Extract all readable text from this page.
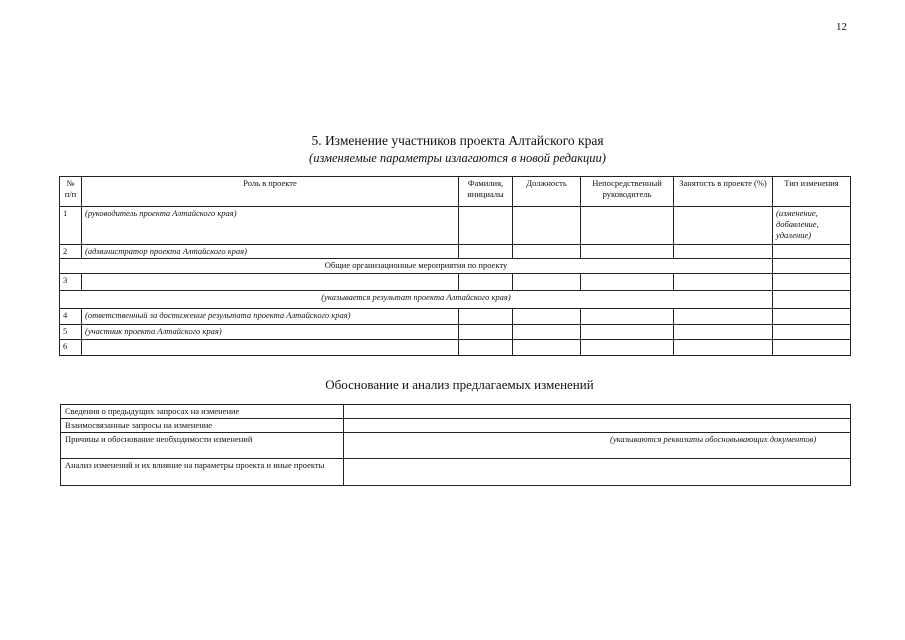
12
5. Изменение участников проекта Алтайского края
(изменяемые параметры излагаются в новой редакции)
№ п/п	Роль в проекте	Фамилия, инициалы	Должность	Непосредственный руководитель	Занятость в проекте (%)	Тип изменения
1	(руководитель проекта Алтайского края)					(изменение, добавление, удаление)
2	(администратор проекта Алтайского края)					
Общие организационные мероприятия по проекту						
3						
(указывается результат проекта Алтайского края)						
4	(ответственный за достижение результата проекта Алтайского края)					
5	(участник проекта Алтайского края)					
6						
Обоснование и анализ предлагаемых изменений
Сведения о предыдущих запросах на изменение	
Взаимосвязанные запросы на изменение	
Причины и обоснование необходимости изменений	(указываются реквизиты обосновывающих документов)

Анализ изменений и их влияние на параметры проекта и иные проекты	
